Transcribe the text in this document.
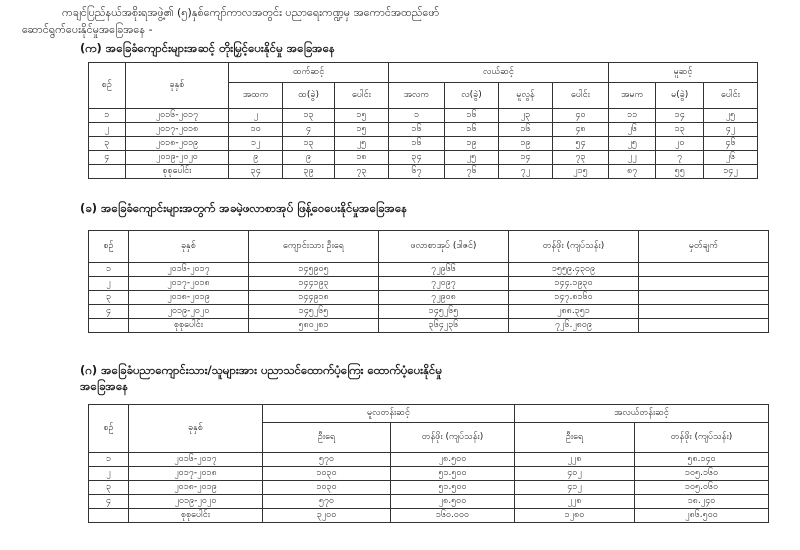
ကချင်ပြည်နယ်အစိုးရအဖွဲ့၏ (၅)နှစ်ကျော်ကာလအတွင်း ပညာရေးကဏ္ဍမှ အကောင်အထည်ဖော်
ဆောင်ရွက်ပေးနိုင်မှုအခြေအနေ -
(က) အခြေခံကျောင်းများအဆင့် တိုးမြှင့်ပေးနိုင်မှု အခြေအနေ
စဉ်	ခုနှစ်	ထက်ဆင့်			လယ်ဆင့်				မူဆင့်		
		အထက	ထ(ခွဲ)	ပေါင်း	အလက	လ(ခွဲ)	မူလွန်	ပေါင်း	အမက	မ(ခွဲ)	ပေါင်း
၁	၂၀၁၆-၂၀၁၇	၂	၁၃	၁၅	၁	၁၆	၂၃	၄၀	၁၁	၁၄	၂၅
၂	၂၀၁၇-၂၀၁၈	၁၀	၄	၁၅	၁၆	၁၆	၁၆	၄၈	၂၆	၁၃	၄၂
၃	၂၀၁၈-၂၀၁၉	၁၂	၁၃	၂၅	၁၆	၁၉	၁၉	၅၄	၂၅	၂၀	၄၆
၄	၂၀၁၉-၂၀၂၀	၉	၉	၁၈	၃၄	၂၅	၁၄	၇၃	၂၂	၇	၂၆
	စုစုပေါင်း	၃၄	၃၉	၇၃	၆၇	၇၆	၇၂	၂၁၅	၈၇	၅၅	၁၄၂
(ခ) အခြေခံကျောင်းများအတွက် အခမဲ့ဖလာစာအုပ် ဖြန့်ဝေပေးနိုင်မှုအခြေအနေ
စဉ်	ခုနှစ်	ကျောင်းသား ဦးရေ	ဖလာစာအုပ် (ဒါဇင်)	တန်ဖိုး (ကျပ်သန်း)	မှတ်ချက်
၁	၂၀၁၆-၂၀၁၇	၁၄၅၉၀၅	၇၂၉၆၆	၁၅၅၉.၄၃၀၉	
၂	၂၀၁၇-၂၀၁၈	၁၄၄၁၉၃	၇၂၀၉၇	၁၄၄.၁၉၃၀	
၃	၂၀၁၈-၂၀၁၉	၁၄၄၉၁၈	၇၂၉၀၈	၁၄၇.၈၁၆၀	
၄	၂၀၁၉-၂၀၂၀	၁၄၅၂၆၅	၁၄၅၂၆၅	၂၈၈.၃၅၁	
	စုစုပေါင်း	၅၈၀၂၈၁	၃၆၄၂၃၆	၇၂၆.၂၈၀၉	
(ဂ) အခြေခံပညာကျောင်းသား/သူများအား ပညာသင်ထောက်ပံ့ကြေး ထောက်ပံ့ပေးနိုင်မှု
အခြေအနေ
စဉ်	ခုနှစ်	မူလတန်းဆင့်		အလယ်တန်းဆင့်	
		ဦးရေ	တန်ဖိုး (ကျပ်သန်း)	ဦးရေ	တန်ဖိုး (ကျပ်သန်း)
၁	၂၀၁၆-၂၀၁၇	၅၇၀	၂၈.၅၀၀	၂၂၈	၅၈.၁၄၀
၂	၂၀၁၇-၂၀၁၈	၁၀၃၀	၅၁.၅၀၀	၄၀၂	၁၀၅.၁၆၀
၃	၂၀၁၈-၂၀၁၉	၁၀၃၀	၅၁.၅၀၀	၄၁၂	၁၀၅.၀၆၀
၄	၂၀၁၉-၂၀၂၀	၅၇၀	၂၈.၅၀၀	၂၂၈	၁၈.၂၄၀
	စုစုပေါင်း	၃၂၀၀	၁၆၀.၀၀၀	၁၂၈၀	၂၈၆.၅၀၀
